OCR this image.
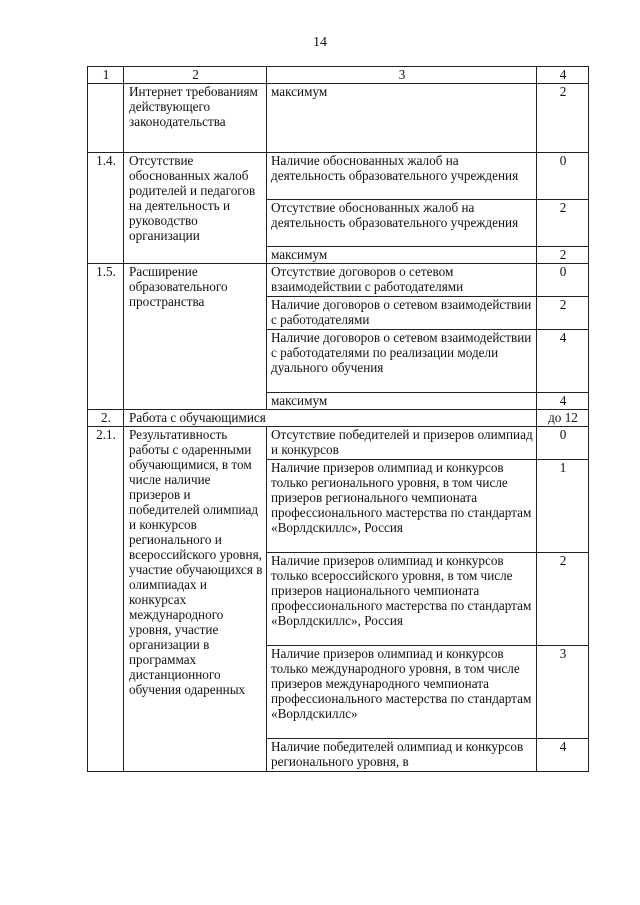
14
1	2	3	4
	Интернет требованиям действующего законодательства	максимум	2
1.4.	Отсутствие обоснованных жалоб родителей и педагогов на деятельность и руководство организации	Наличие обоснованных жалоб на деятельность образовательного учреждения	0
		Отсутствие обоснованных жалоб на деятельность образовательного учреждения	2
		максимум	2
1.5.	Расширение образовательного пространства	Отсутствие договоров о сетевом взаимодействии с работодателями	0
		Наличие договоров о сетевом взаимодействии с работодателями	2
		Наличие договоров о сетевом взаимодействии с работодателями по реализации модели дуального обучения	4
		максимум	4
2.	Работа с обучающимися		до 12
2.1.	Результативность работы с одаренными обучающимися, в том числе наличие призеров и победителей олимпиад и конкурсов регионального и всероссийского уровня, участие обучающихся в олимпиадах и конкурсах международного уровня, участие организации в программах дистанционного обучения одаренных	Отсутствие победителей и призеров олимпиад и конкурсов	0
		Наличие призеров олимпиад и конкурсов только регионального уровня, в том числе призеров регионального чемпионата профессионального мастерства по стандартам «Ворлдскиллс», Россия	1
		Наличие призеров олимпиад и конкурсов только всероссийского уровня, в том числе призеров национального чемпионата профессионального мастерства по стандартам «Ворлдскиллс», Россия	2
		Наличие призеров олимпиад и конкурсов только международного уровня, в том числе призеров международного чемпионата профессионального мастерства по стандартам «Ворлдскиллс»	3
		Наличие победителей олимпиад и конкурсов регионального уровня, в	4
